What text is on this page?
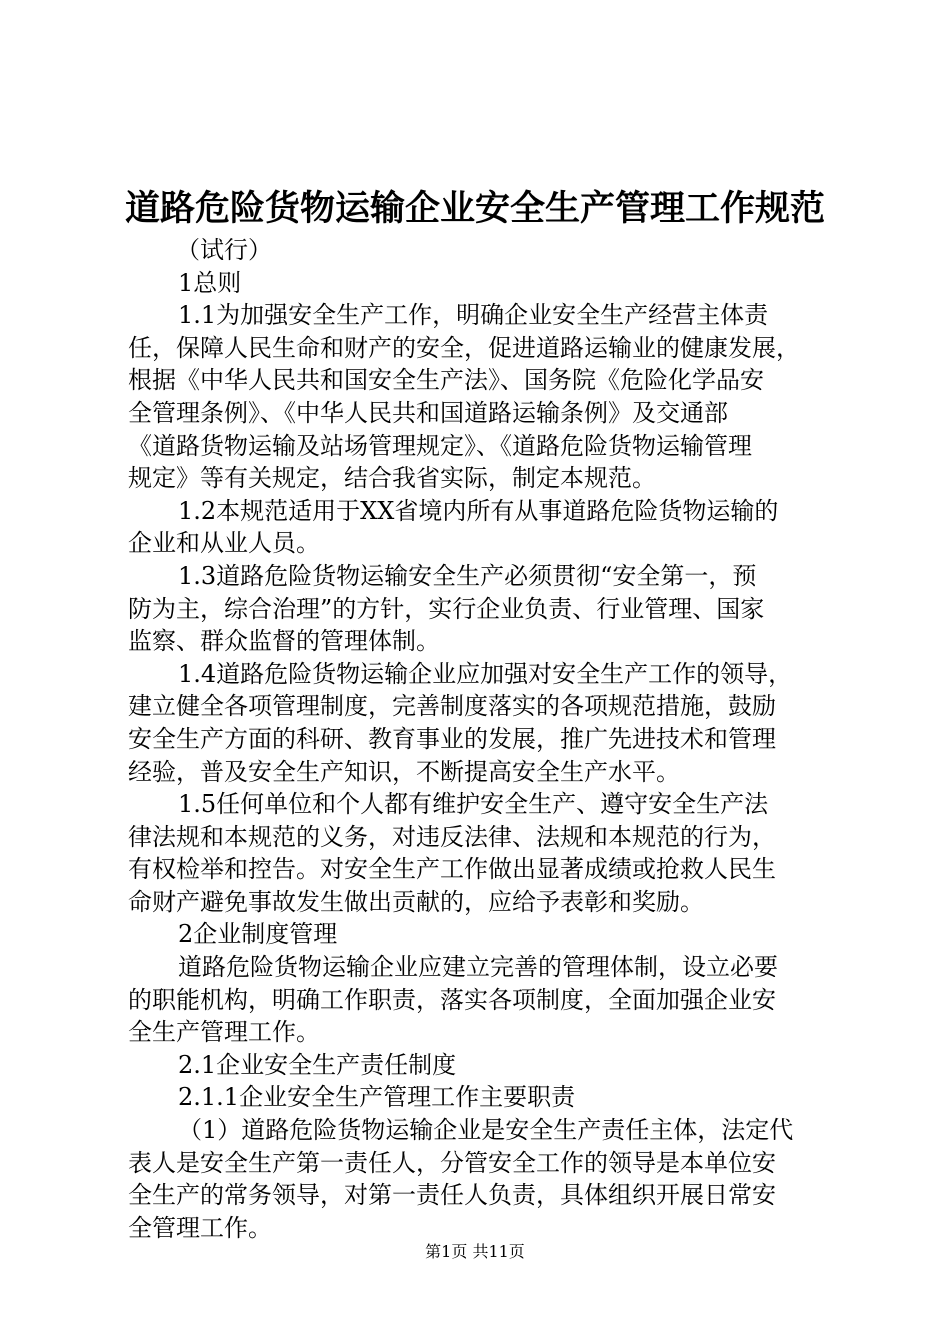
道路危险货物运输企业安全生产管理工作规范
（试行）
1总则
1.1为加强安全生产工作，明确企业安全生产经营主体责
任，保障人民生命和财产的安全，促进道路运输业的健康发展，
根据《中华人民共和国安全生产法》、国务院《危险化学品安
全管理条例》、《中华人民共和国道路运输条例》及交通部
《道路货物运输及站场管理规定》、《道路危险货物运输管理
规定》等有关规定，结合我省实际，制定本规范。
1.2本规范适用于XX省境内所有从事道路危险货物运输的
企业和从业人员。
1.3道路危险货物运输安全生产必须贯彻“安全第一，预
防为主，综合治理”的方针，实行企业负责、行业管理、国家
监察、群众监督的管理体制。
1.4道路危险货物运输企业应加强对安全生产工作的领导，
建立健全各项管理制度，完善制度落实的各项规范措施，鼓励
安全生产方面的科研、教育事业的发展，推广先进技术和管理
经验，普及安全生产知识，不断提高安全生产水平。
1.5任何单位和个人都有维护安全生产、遵守安全生产法
律法规和本规范的义务，对违反法律、法规和本规范的行为，
有权检举和控告。对安全生产工作做出显著成绩或抢救人民生
命财产避免事故发生做出贡献的，应给予表彰和奖励。
2企业制度管理
道路危险货物运输企业应建立完善的管理体制，设立必要
的职能机构，明确工作职责，落实各项制度，全面加强企业安
全生产管理工作。
2.1企业安全生产责任制度
2.1.1企业安全生产管理工作主要职责
（1）道路危险货物运输企业是安全生产责任主体，法定代
表人是安全生产第一责任人，分管安全工作的领导是本单位安
全生产的常务领导，对第一责任人负责，具体组织开展日常安
全管理工作。
第1页 共11页
